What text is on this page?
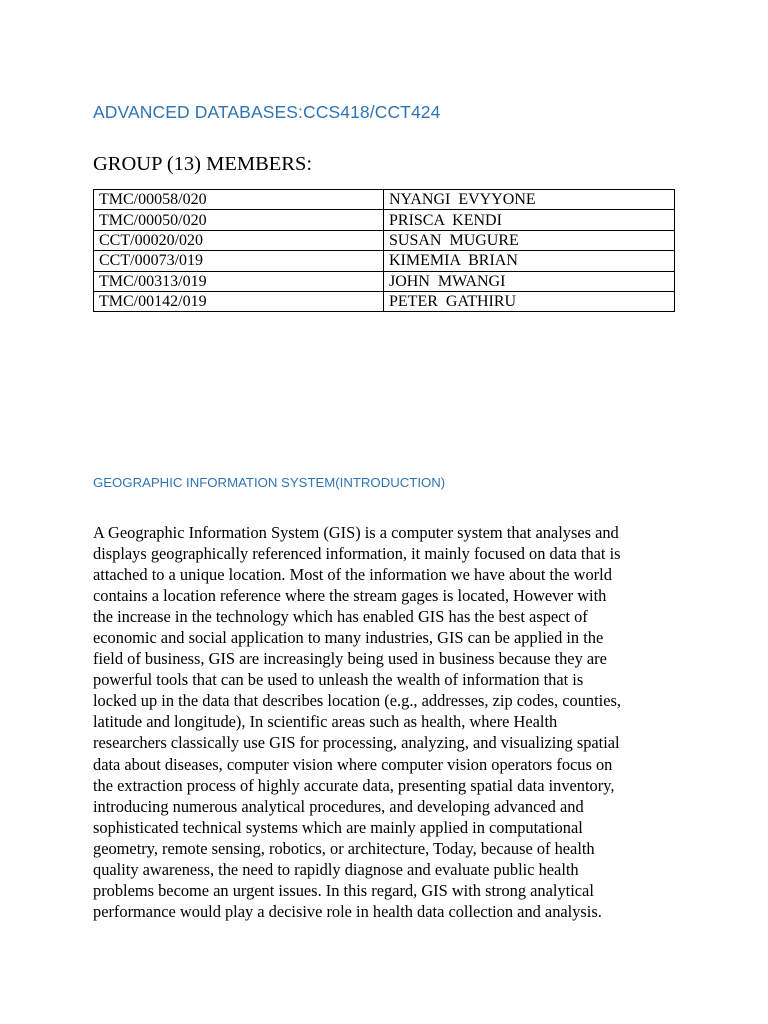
ADVANCED DATABASES:CCS418/CCT424
GROUP (13) MEMBERS:
TMC/00058/020	NYANGI  EVYYONE
TMC/00050/020	PRISCA  KENDI
CCT/00020/020	SUSAN  MUGURE
CCT/00073/019	KIMEMIA  BRIAN
TMC/00313/019	JOHN  MWANGI
TMC/00142/019	PETER  GATHIRU
GEOGRAPHIC INFORMATION SYSTEM(INTRODUCTION)

A Geographic Information System (GIS) is a computer system that analyses and
displays geographically referenced information, it mainly focused on data that is
attached to a unique location. Most of the information we have about the world
contains a location reference where the stream gages is located, However with
the increase in the technology which has enabled GIS has the best aspect of
economic and social application to many industries, GIS can be applied in the
field of business, GIS are increasingly being used in business because they are
powerful tools that can be used to unleash the wealth of information that is
locked up in the data that describes location (e.g., addresses, zip codes, counties,
latitude and longitude), In scientific areas such as health, where Health
researchers classically use GIS for processing, analyzing, and visualizing spatial
data about diseases, computer vision where computer vision operators focus on
the extraction process of highly accurate data, presenting spatial data inventory,
introducing numerous analytical procedures, and developing advanced and
sophisticated technical systems which are mainly applied in computational
geometry, remote sensing, robotics, or architecture, Today, because of health
quality awareness, the need to rapidly diagnose and evaluate public health
problems become an urgent issues. In this regard, GIS with strong analytical
performance would play a decisive role in health data collection and analysis.
